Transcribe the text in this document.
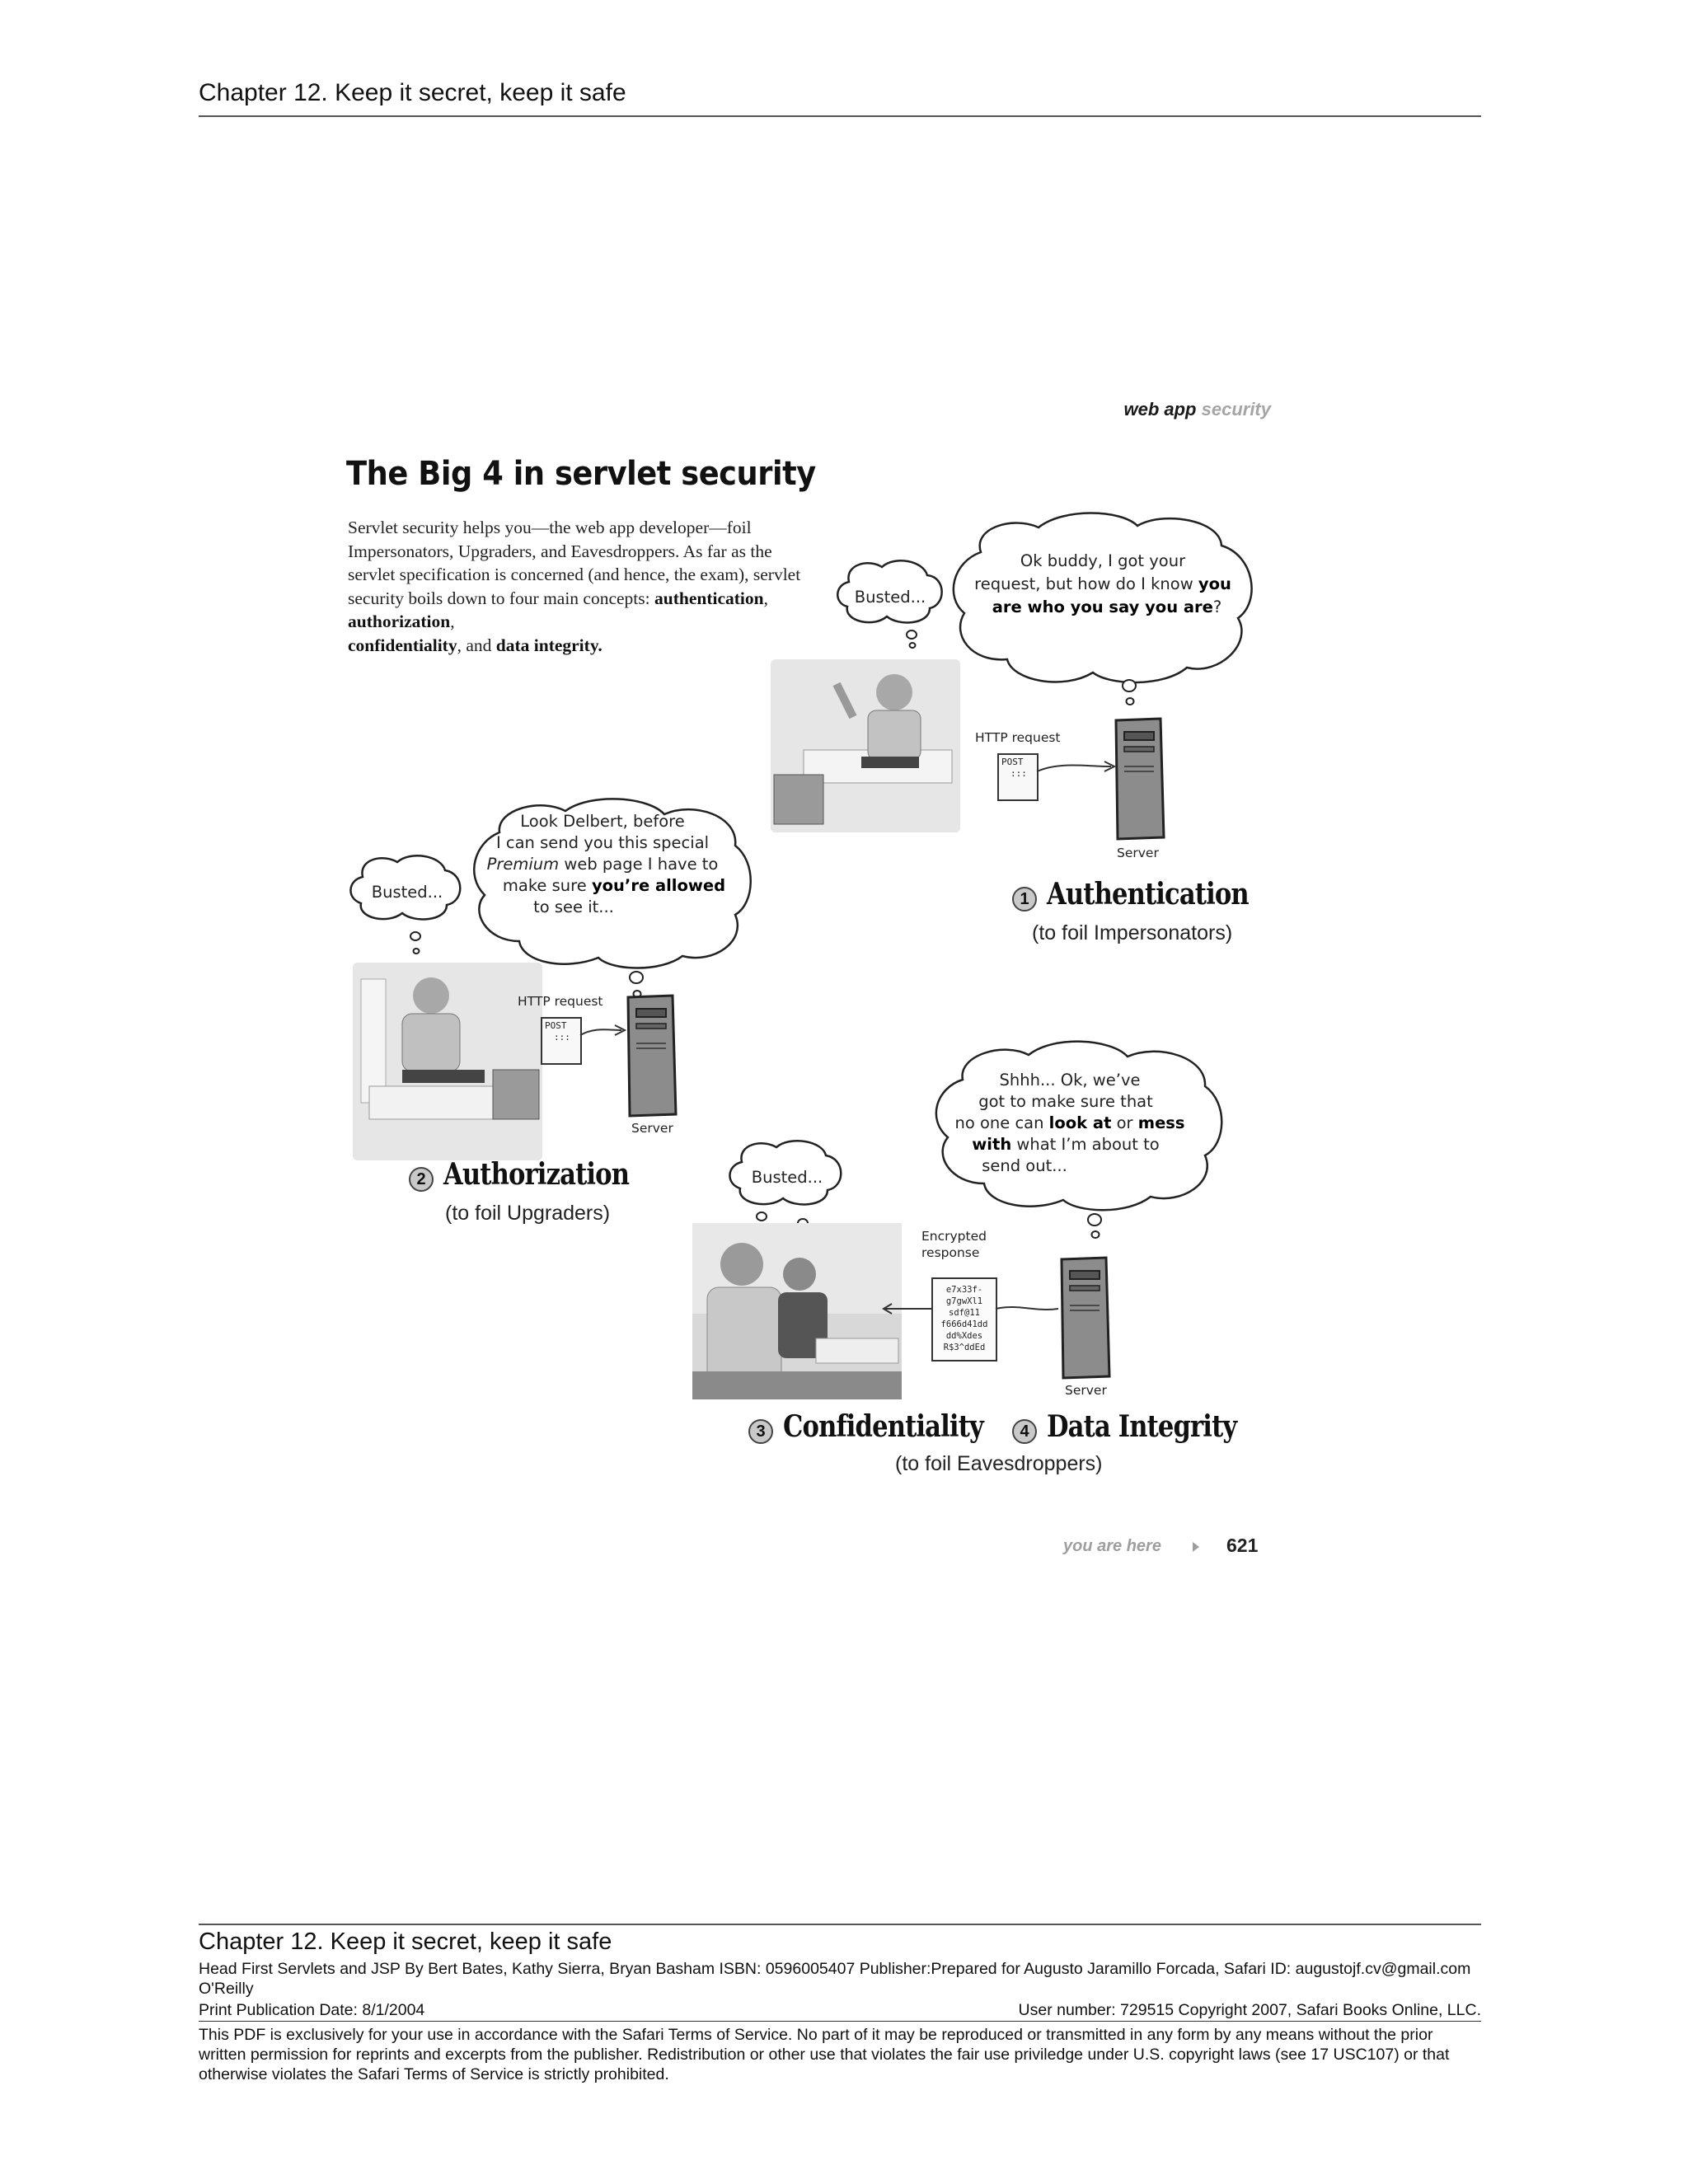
Chapter 12. Keep it secret, keep it safe
web app security
The Big 4 in servlet security
Servlet security helps you—the web app developer—foil Impersonators, Upgraders, and Eavesdroppers. As far as the servlet specification is concerned (and hence, the exam), servlet security boils down to four main concepts: authentication, authorization,
confidentiality, and data integrity.
Busted...
Ok buddy, I got your
request, but how do I know you
are who you say you are?
HTTP request
POST
:::
Server
1 Authentication
(to foil Impersonators)
Busted...
Look Delbert, before
I can send you this special
Premium web page I have to
make sure you’re allowed
to see it...
HTTP request
POST
:::
Server
2 Authorization
(to foil Upgraders)
Busted...
Shhh... Ok, we’ve
got to make sure that
no one can look at or mess
with what I’m about to
send out...
Encrypted
response
e7x33f-
g7gwXl1
sdf@11
f666d41dd
dd%Xdes
R$3^ddEd
Server
3 Confidentiality	4 Data Integrity
(to foil Eavesdroppers)
you are here	621
Chapter 12. Keep it secret, keep it safe
Head First Servlets and JSP By Bert Bates, Kathy Sierra, Bryan Basham ISBN: 0596005407 Publisher:Prepared for Augusto Jaramillo Forcada, Safari ID: augustojf.cv@gmail.com
O'Reilly
Print Publication Date: 8/1/2004	User number: 729515 Copyright 2007, Safari Books Online, LLC.
This PDF is exclusively for your use in accordance with the Safari Terms of Service. No part of it may be reproduced or transmitted in any form by any means without the prior written permission for reprints and excerpts from the publisher. Redistribution or other use that violates the fair use priviledge under U.S. copyright laws (see 17 USC107) or that otherwise violates the Safari Terms of Service is strictly prohibited.
